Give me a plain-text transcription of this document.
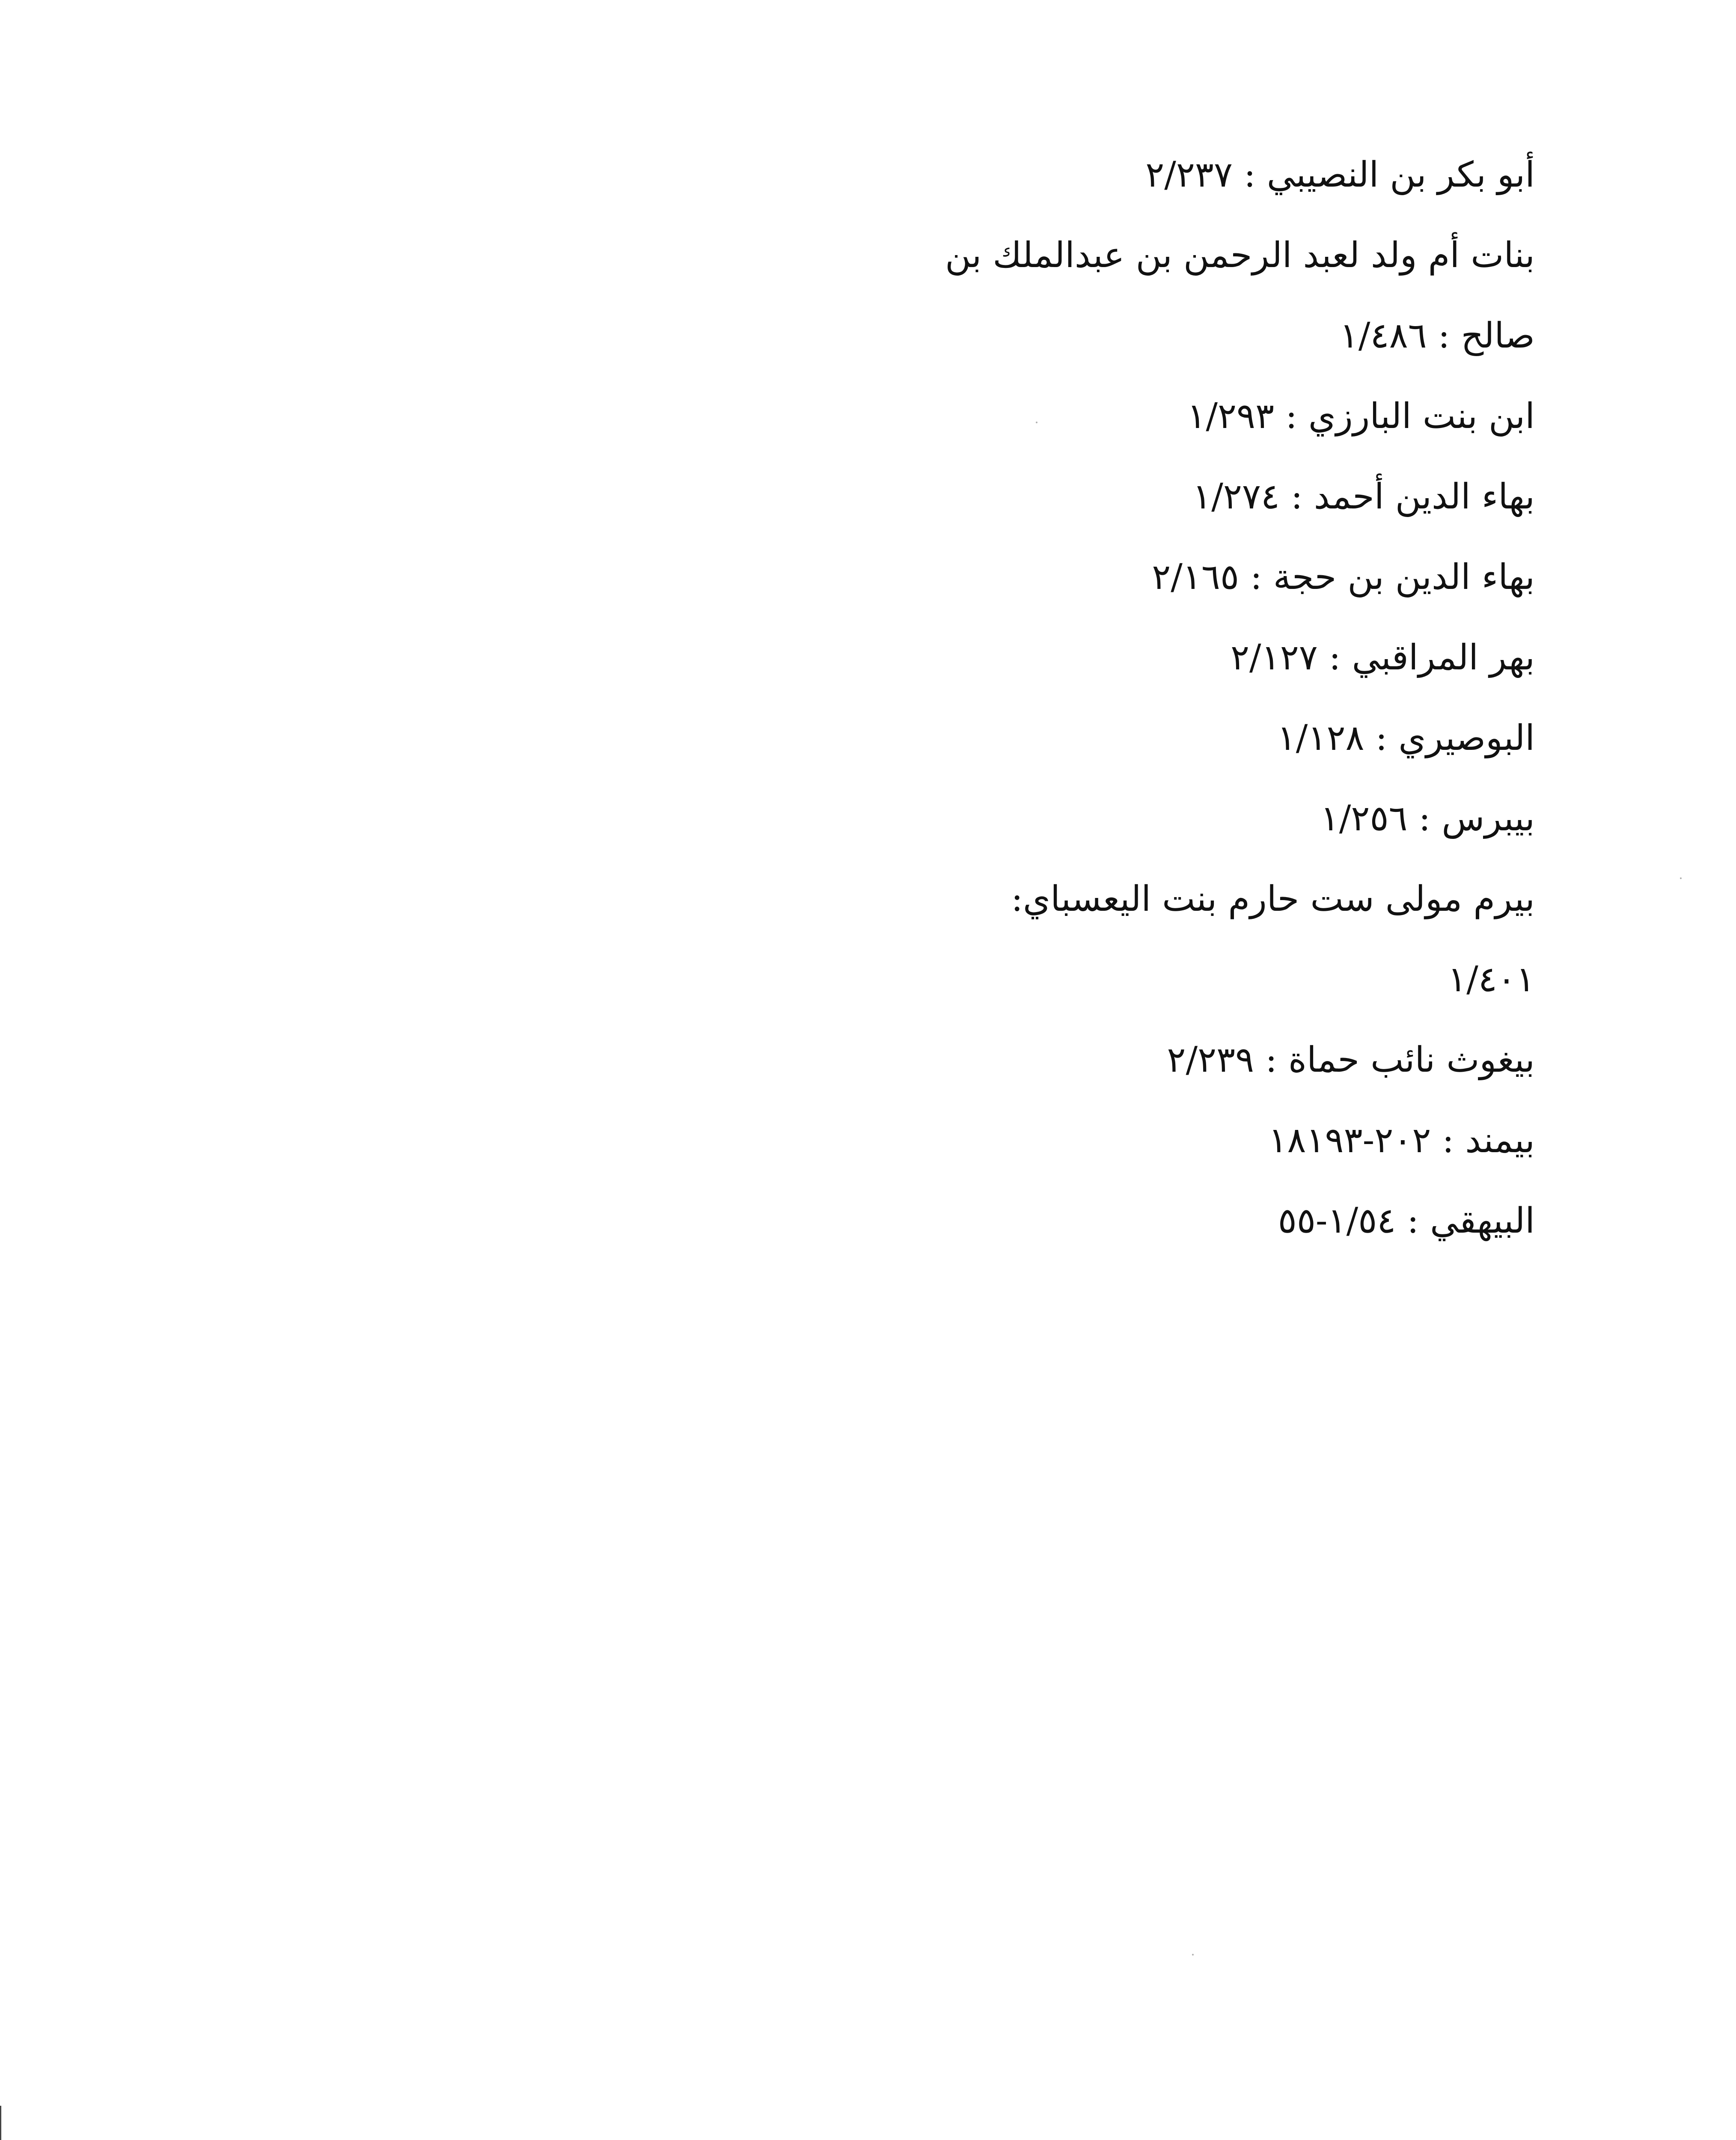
أبو بكر بن النصيبي : ٢/٢٣٧
بنات أم ولد لعبد الرحمن بن عبدالملك بن
صالح : ١/٤٨٦
ابن بنت البارزي : ١/٢٩٣
بهاء الدين أحمد : ١/٢٧٤
بهاء الدين بن حجة : ٢/١٦٥
بهر المراقبي : ٢/١٢٧
البوصيري : ١/١٢٨
بيبرس : ١/٢٥٦
بيرم مولى ست حارم بنت اليعسباي:
١/٤٠١
بيغوث نائب حماة : ٢/٢٣٩
بيمند : ٢٠٢-١٨١٩٣
البيهقي : ١/٥٤-٥٥
